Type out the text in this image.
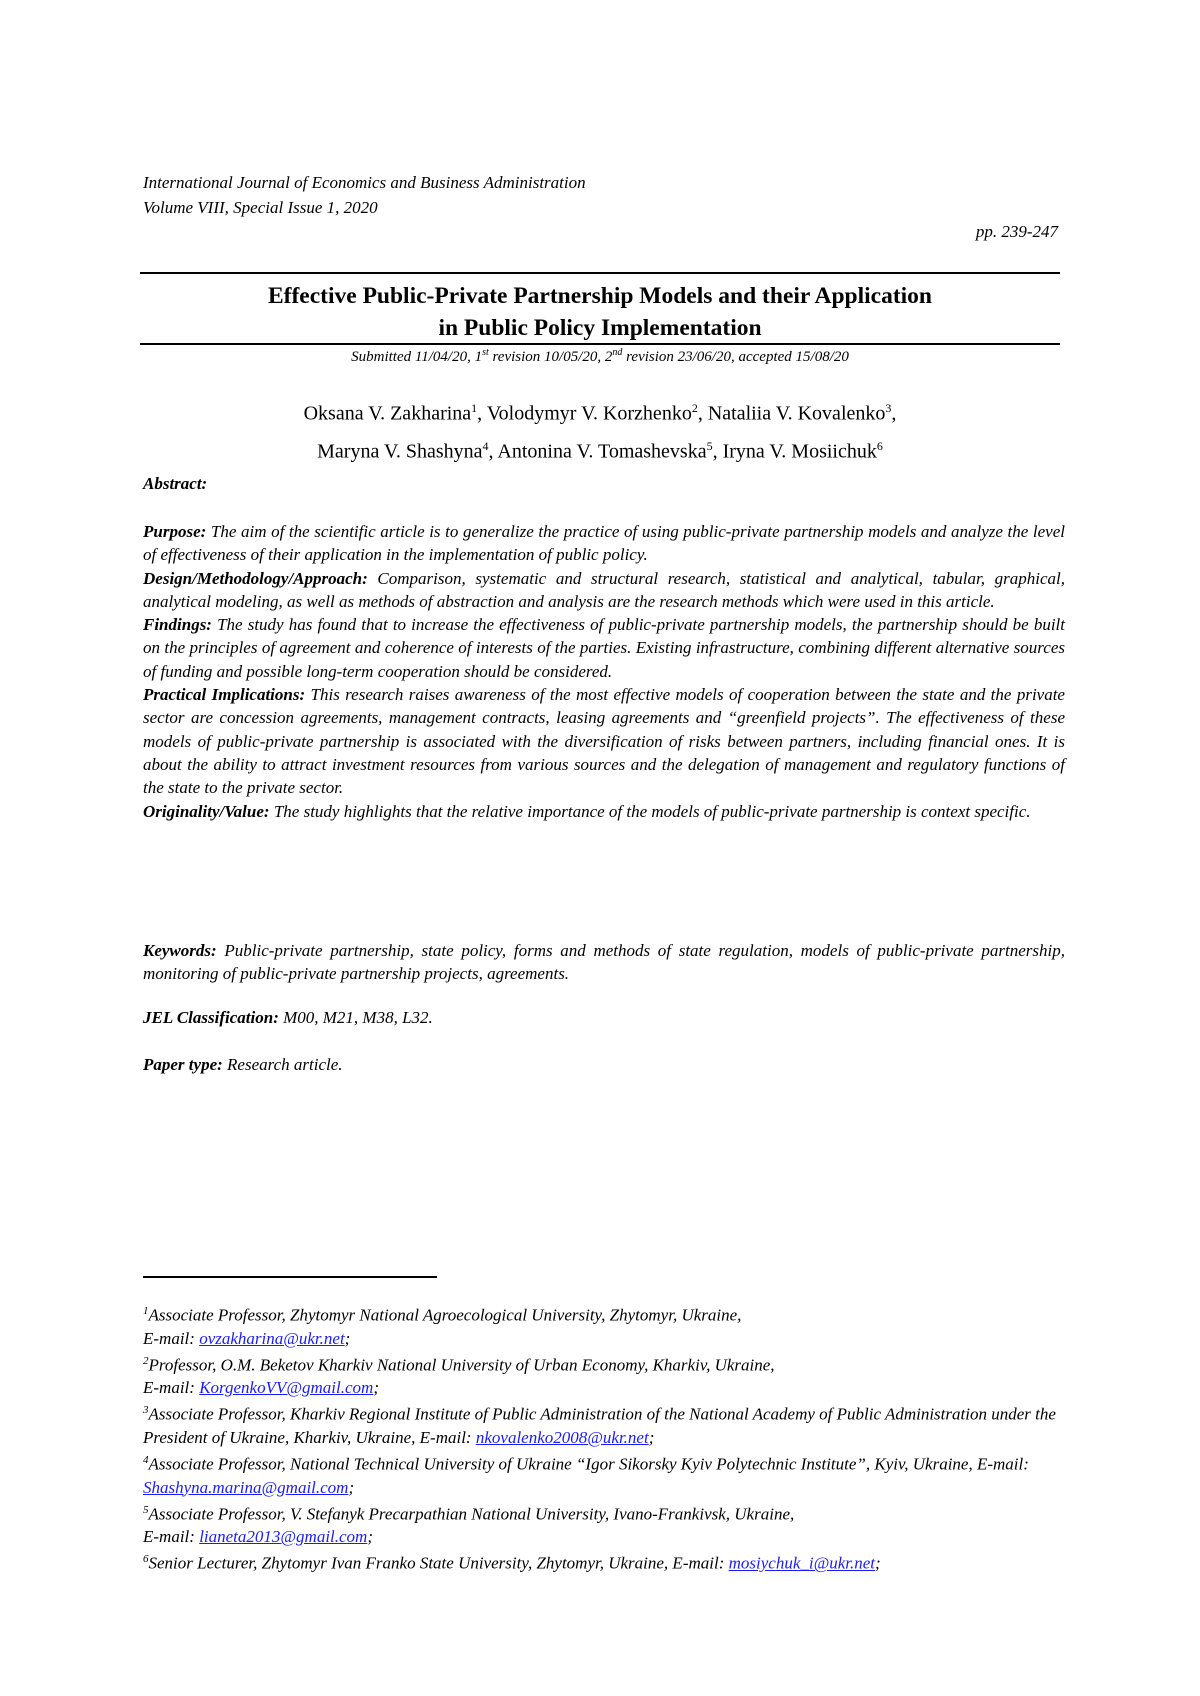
International Journal of Economics and Business Administration
Volume VIII, Special Issue 1, 2020
pp. 239-247
Effective Public-Private Partnership Models and their Application
in Public Policy Implementation
Submitted 11/04/20, 1st revision 10/05/20, 2nd revision 23/06/20, accepted 15/08/20
Oksana V. Zakharina$^1$, Volodymyr V. Korzhenko$^2$, Nataliia V. Kovalenko$^3$,
Maryna V. Shashyna$^4$, Antonina V. Tomashevska$^5$, Iryna V. Mosiichuk$^6$
Abstract:

Purpose: The aim of the scientific article is to generalize the practice of using public-private partnership models and analyze the level of effectiveness of their application in the implementation of public policy.

Design/Methodology/Approach: Comparison, systematic and structural research, statistical and analytical, tabular, graphical, analytical modeling, as well as methods of abstraction and analysis are the research methods which were used in this article.

Findings: The study has found that to increase the effectiveness of public-private partnership models, the partnership should be built on the principles of agreement and coherence of interests of the parties. Existing infrastructure, combining different alternative sources of funding and possible long-term cooperation should be considered.

Practical Implications: This research raises awareness of the most effective models of cooperation between the state and the private sector are concession agreements, management contracts, leasing agreements and “greenfield projects”. The effectiveness of these models of public-private partnership is associated with the diversification of risks between partners, including financial ones. It is about the ability to attract investment resources from various sources and the delegation of management and regulatory functions of the state to the private sector.

Originality/Value: The study highlights that the relative importance of the models of public-private partnership is context specific.

Keywords: Public-private partnership, state policy, forms and methods of state regulation, models of public-private partnership, monitoring of public-private partnership projects, agreements.
JEL Classification: M00, M21, M38, L32.
Paper type: Research article.

$^1$Associate Professor, Zhytomyr National Agroecological University, Zhytomyr, Ukraine,
E-mail: ovzakharina@ukr.net;

$^2$Professor, O.M. Beketov Kharkiv National University of Urban Economy, Kharkiv, Ukraine,
E-mail: KorgenkoVV@gmail.com;

$^3$Associate Professor, Kharkiv Regional Institute of Public Administration of the National Academy of Public Administration under the President of Ukraine, Kharkiv, Ukraine, E-mail: nkovalenko2008@ukr.net;

$^4$Associate Professor, National Technical University of Ukraine “Igor Sikorsky Kyiv Polytechnic Institute”, Kyiv, Ukraine, E-mail: Shashyna.marina@gmail.com;

$^5$Associate Professor, V. Stefanyk Precarpathian National University, Ivano-Frankivsk, Ukraine,
E-mail: lianeta2013@gmail.com;

$^6$Senior Lecturer, Zhytomyr Ivan Franko State University, Zhytomyr, Ukraine, E-mail: mosiychuk_i@ukr.net;
